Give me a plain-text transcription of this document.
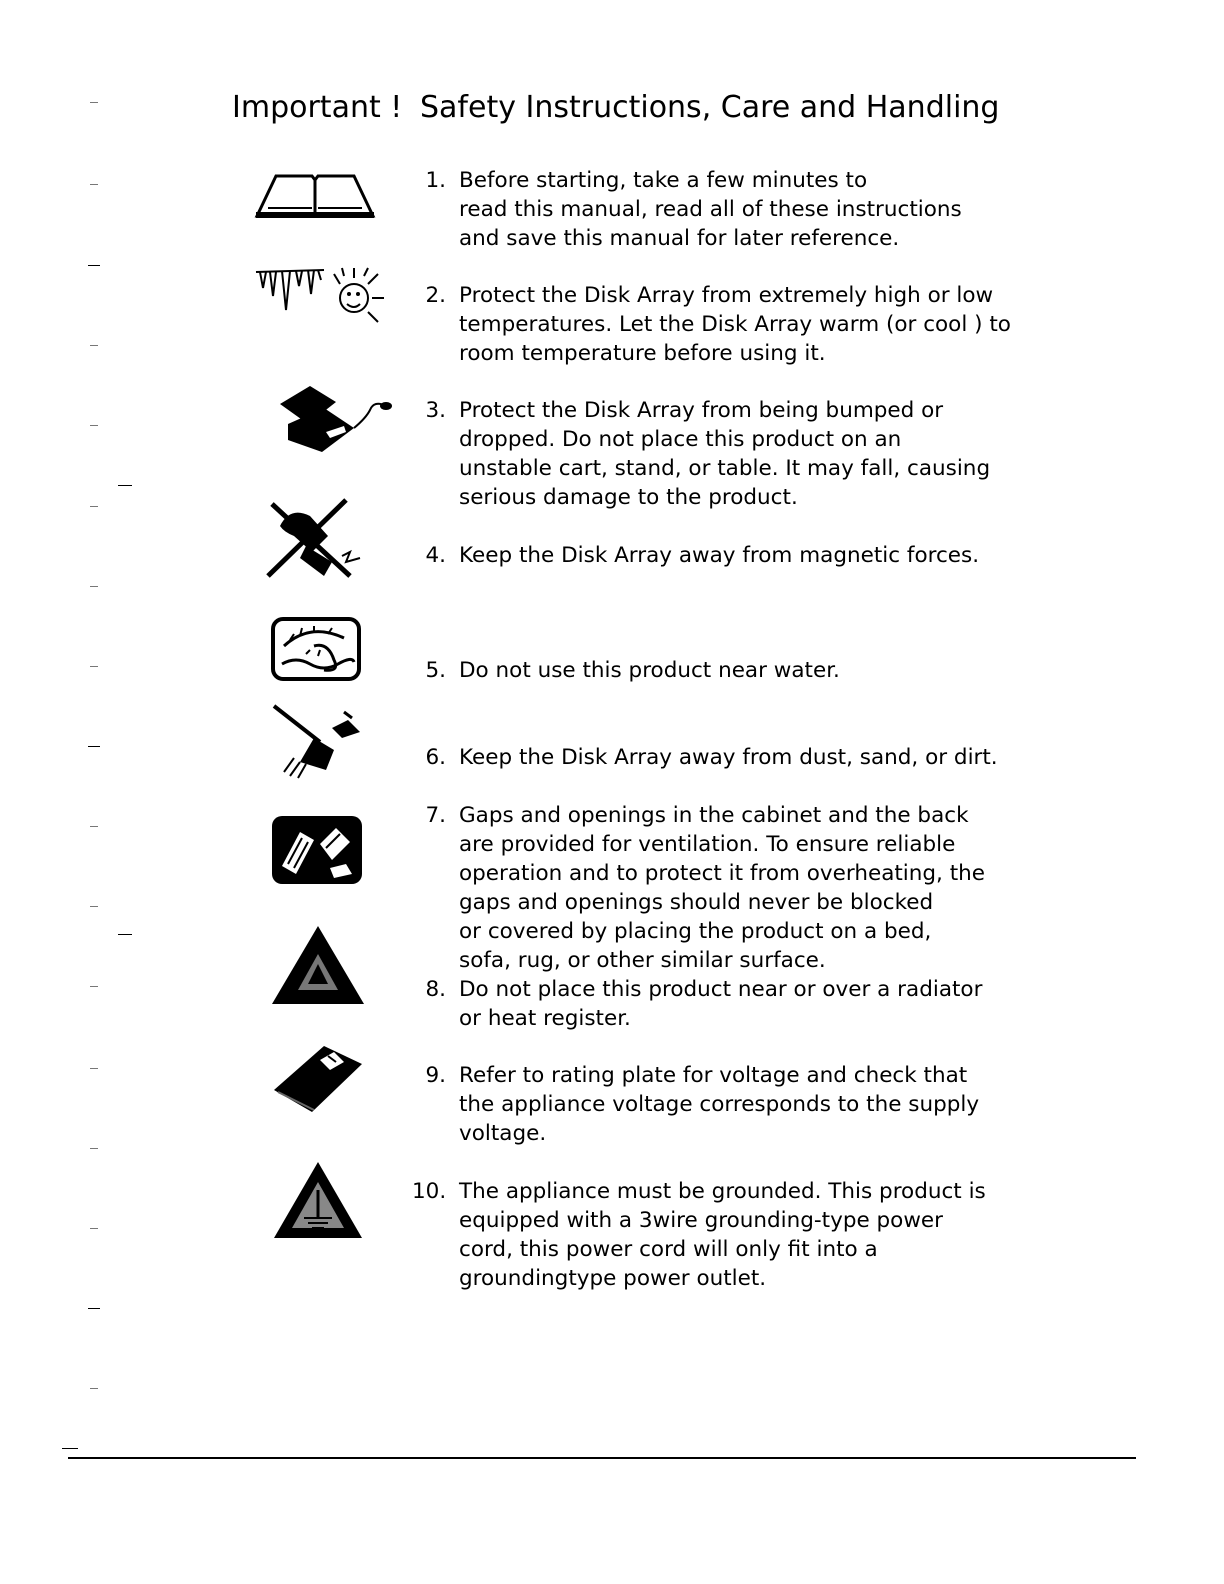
Important ! Safety Instructions, Care and Handling
1. Before starting, take a few minutes to
read this manual, read all of these instructions
and save this manual for later reference.
2. Protect the Disk Array from extremely high or low
temperatures. Let the Disk Array warm (or cool ) to
room temperature before using it.
3. Protect the Disk Array from being bumped or
dropped. Do not place this product on an
unstable cart, stand, or table. It may fall, causing
serious damage to the product.
4. Keep the Disk Array away from magnetic forces.
5. Do not use this product near water.
6. Keep the Disk Array away from dust, sand, or dirt.
7. Gaps and openings in the cabinet and the back
are provided for ventilation. To ensure reliable
operation and to protect it from overheating, the
gaps and openings should never be blocked
or covered by placing the product on a bed,
sofa, rug, or other similar surface.
8. Do not place this product near or over a radiator
or heat register.
9. Refer to rating plate for voltage and check that
the appliance voltage corresponds to the supply
voltage.
10. The appliance must be grounded. This product is
equipped with a 3wire grounding-type power
cord, this power cord will only fit into a
groundingtype power outlet.
